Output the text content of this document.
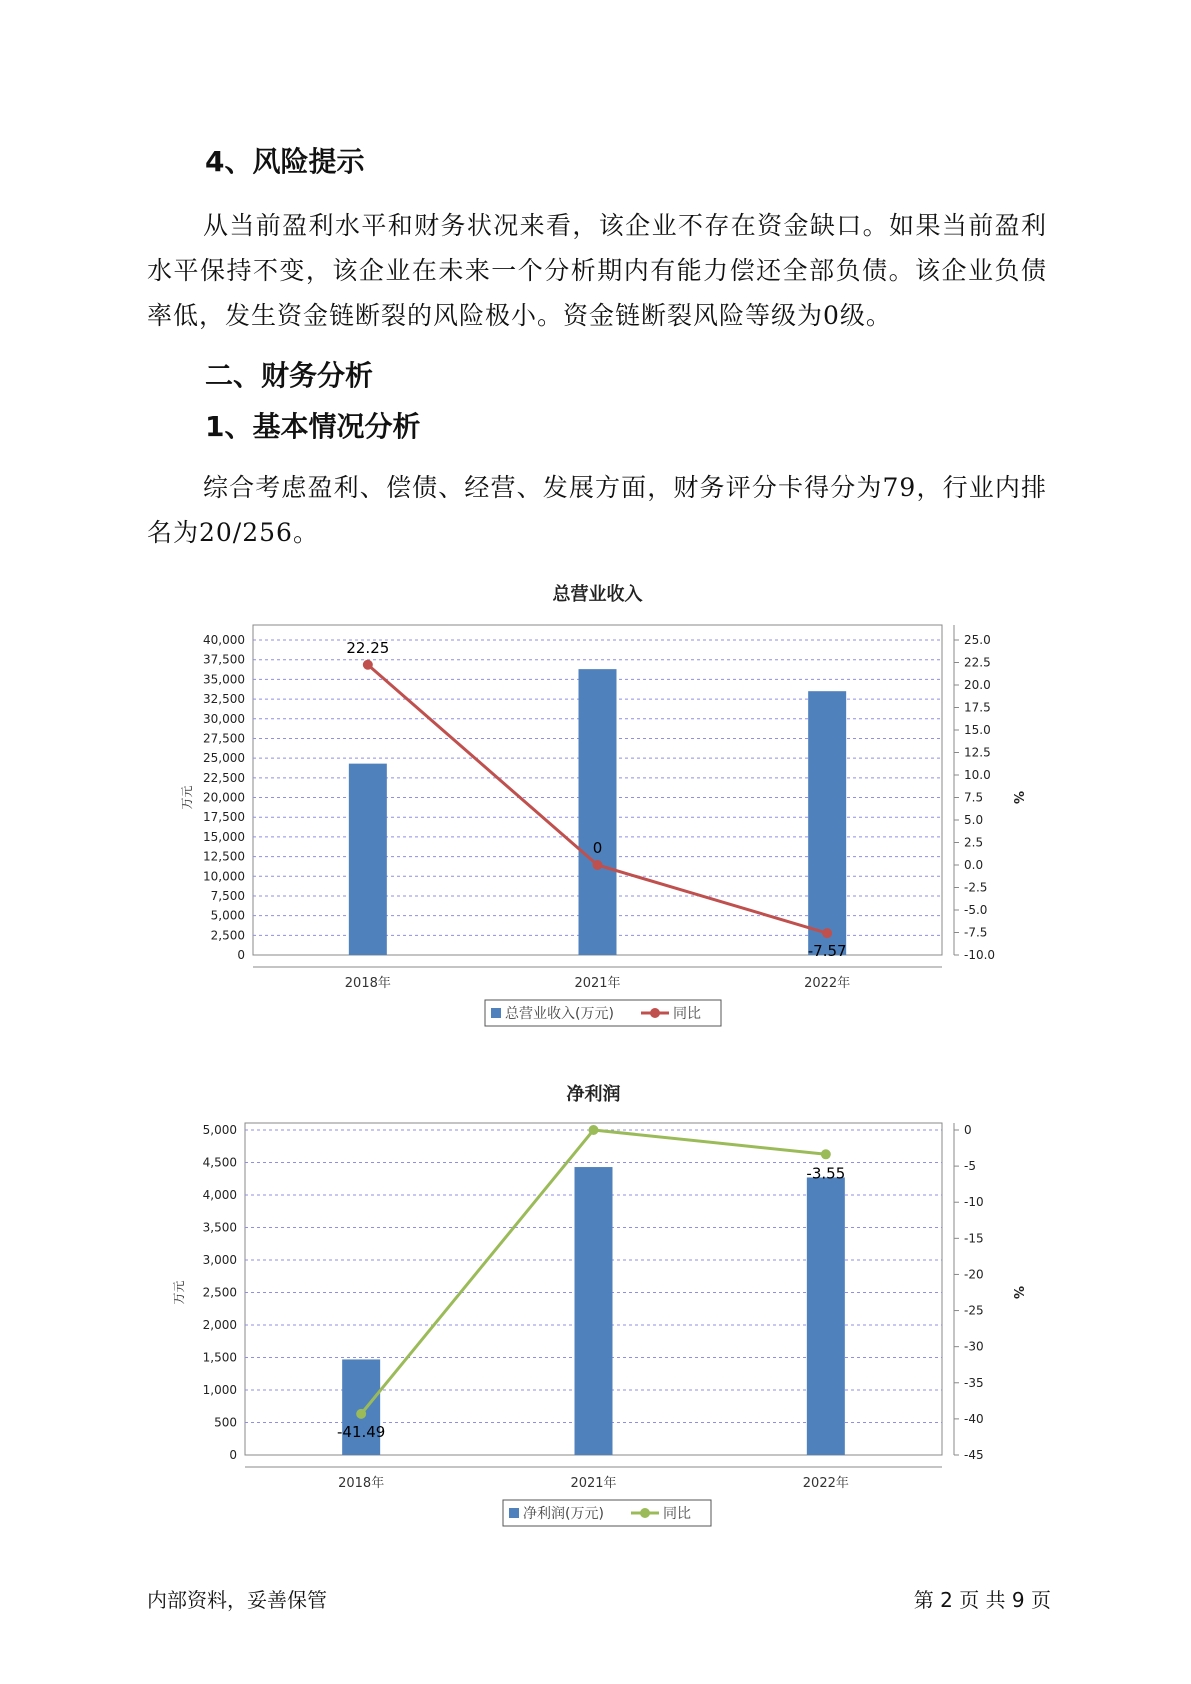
4、风险提示

从当前盈利水平和财务状况来看，该企业不存在资金缺口。如果当前盈利水平保持不变，该企业在未来一个分析期内有能力偿还全部负债。该企业负债率低，发生资金链断裂的风险极小。资金链断裂风险等级为0级。

二、财务分析
1、基本情况分析

综合考虑盈利、偿债、经营、发展方面，财务评分卡得分为79，行业内排名为20/256。

总营业收入
40,000
37,500
35,000
32,500
30,000
27,500
25,000
22,500
20,000
17,500
15,000
12,500
10,000
7,500
5,000
2,500
0
万元
25.0
22.5
20.0
17.5
15.0
12.5
10.0
7.5
5.0
2.5
0.0
-2.5
-5.0
-7.5
-10.0
%
2018年	2021年	2022年
22.25
0
-7.57
总营业收入(万元)	同比
净利润
5,000
4,500
4,000
3,500
3,000
2,500
2,000
1,500
1,000
500
0
万元
0
-5
-10
-15
-20
-25
-30
-35
-40
-45
%
2018年	2021年	2022年
-41.49
-3.55
净利润(万元)	同比
内部资料，妥善保管	第 2 页 共 9 页
